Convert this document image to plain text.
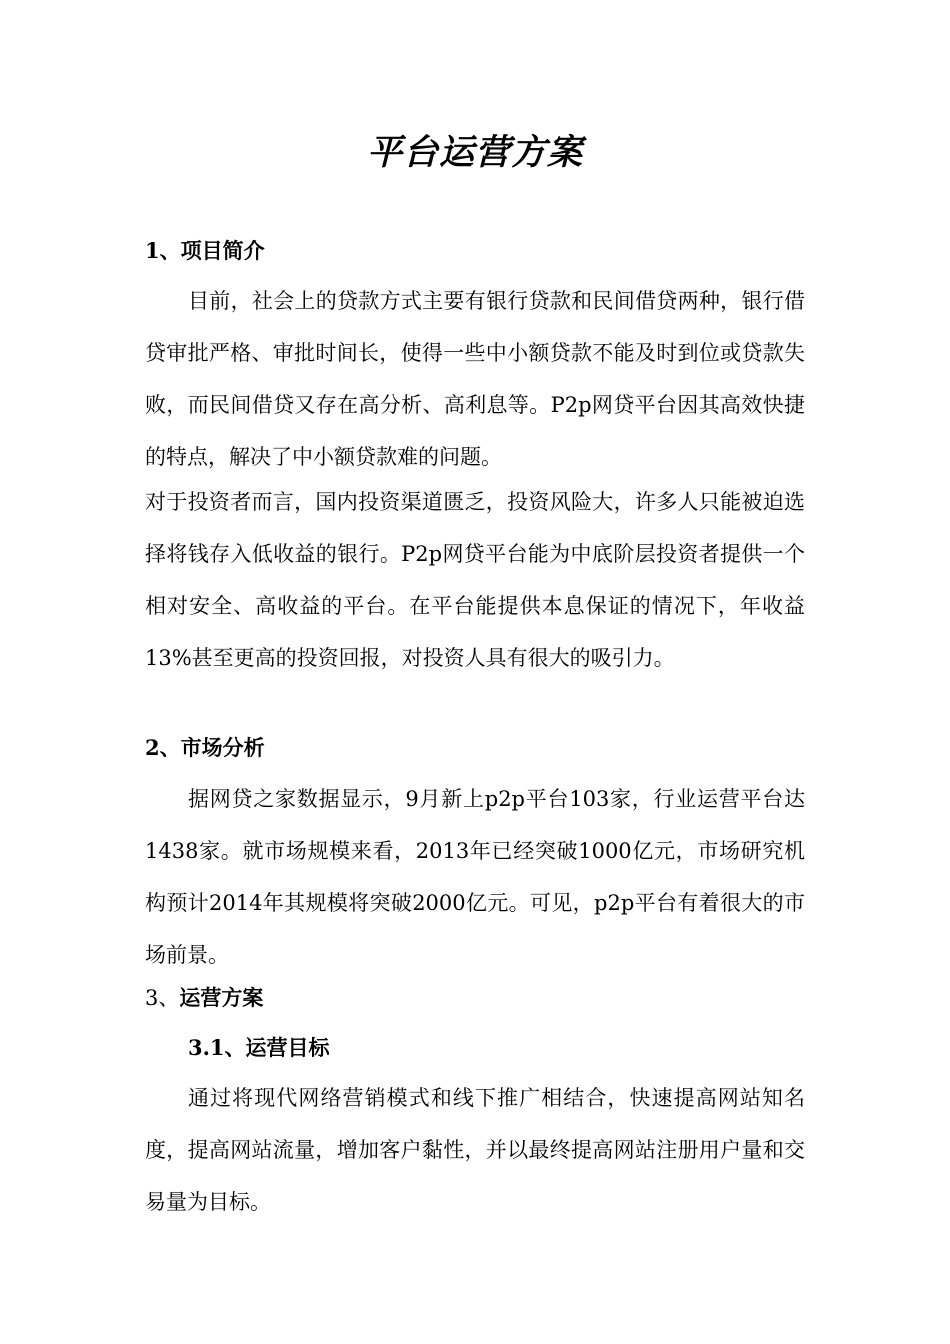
平台运营方案
1、项目简介
目前，社会上的贷款方式主要有银行贷款和民间借贷两种，银行借贷审批严格、审批时间长，使得一些中小额贷款不能及时到位或贷款失败，而民间借贷又存在高分析、高利息等。P2p网贷平台因其高效快捷的特点，解决了中小额贷款难的问题。
对于投资者而言，国内投资渠道匮乏，投资风险大，许多人只能被迫选择将钱存入低收益的银行。P2p网贷平台能为中底阶层投资者提供一个相对安全、高收益的平台。在平台能提供本息保证的情况下，年收益13%甚至更高的投资回报，对投资人具有很大的吸引力。
2、市场分析
据网贷之家数据显示，9月新上p2p平台103家，行业运营平台达1438家。就市场规模来看，2013年已经突破1000亿元，市场研究机构预计2014年其规模将突破2000亿元。可见，p2p平台有着很大的市场前景。
3、运营方案
3.1、运营目标
通过将现代网络营销模式和线下推广相结合，快速提高网站知名度，提高网站流量，增加客户黏性，并以最终提高网站注册用户量和交易量为目标。
